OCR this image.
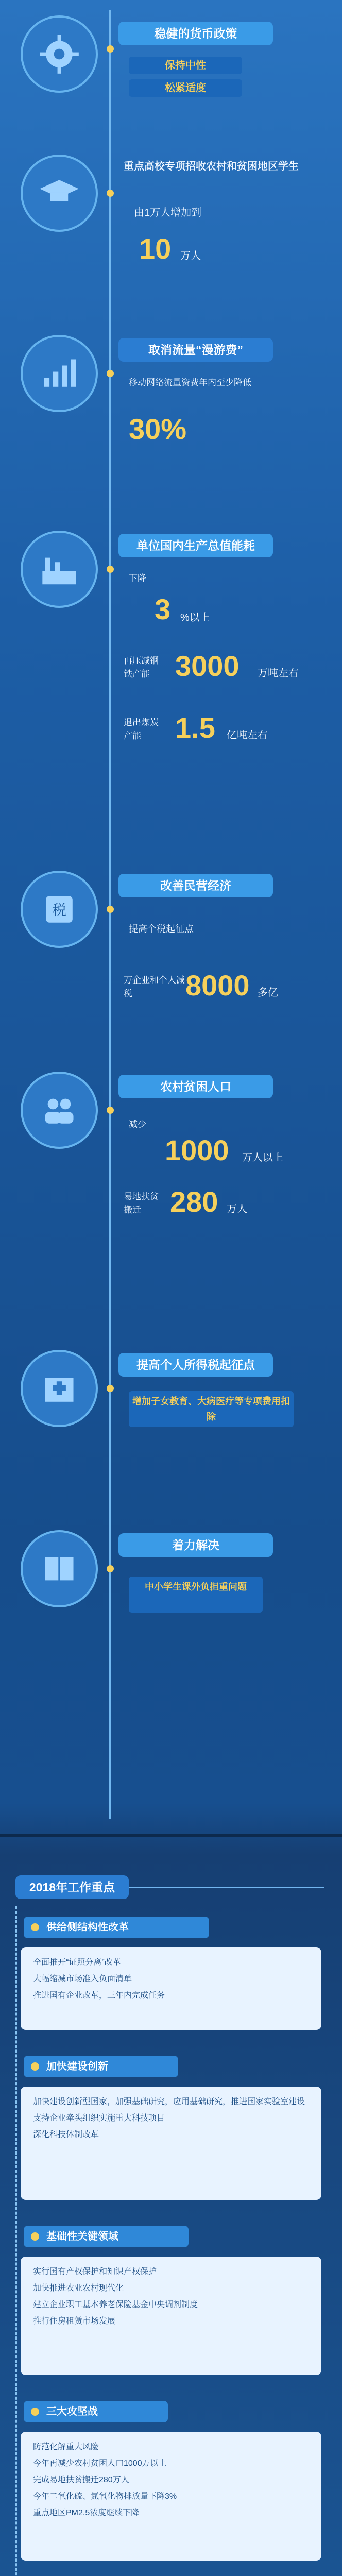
稳健的货币政策
保持中性
松紧适度
重点高校专项招收农村和贫困地区学生
由1万人增加到
10 万人
取消流量“漫游费”
移动网络流量资费年内至少降低
30%
单位国内生产总值能耗
下降
3 %以上
再压减钢铁产能 3000 万吨左右
退出煤炭产能	1.5 亿吨左右
税
改善民营经济
提高个税起征点
万企业和个人减税	8000 多亿
农村贫困人口
减少
1000 万人以上
易地扶贫搬迁	280 万人
提高个人所得税起征点
增加子女教育、大病医疗等专项费用扣除
着力解决
中小学生课外负担重问题
2018年工作重点
供给侧结构性改革

全面推开“证照分离”改革

大幅缩减市场准入负面清单

推进国有企业改革，三年内完成任务

加快建设创新

加快建设创新型国家，加强基础研究，应用基础研究，推进国家实验室建设

支持企业牵头组织实施重大科技项目

深化科技体制改革

基础性关键领域

实行国有产权保护和知识产权保护

加快推进农业农村现代化

建立企业职工基本养老保险基金中央调剂制度

推行住房租赁市场发展

三大攻坚战

防范化解重大风险

今年再减少农村贫困人口1000万以上

完成易地扶贫搬迁280万人

今年二氧化硫、氮氧化物排放量下降3%

重点地区PM2.5浓度继续下降
